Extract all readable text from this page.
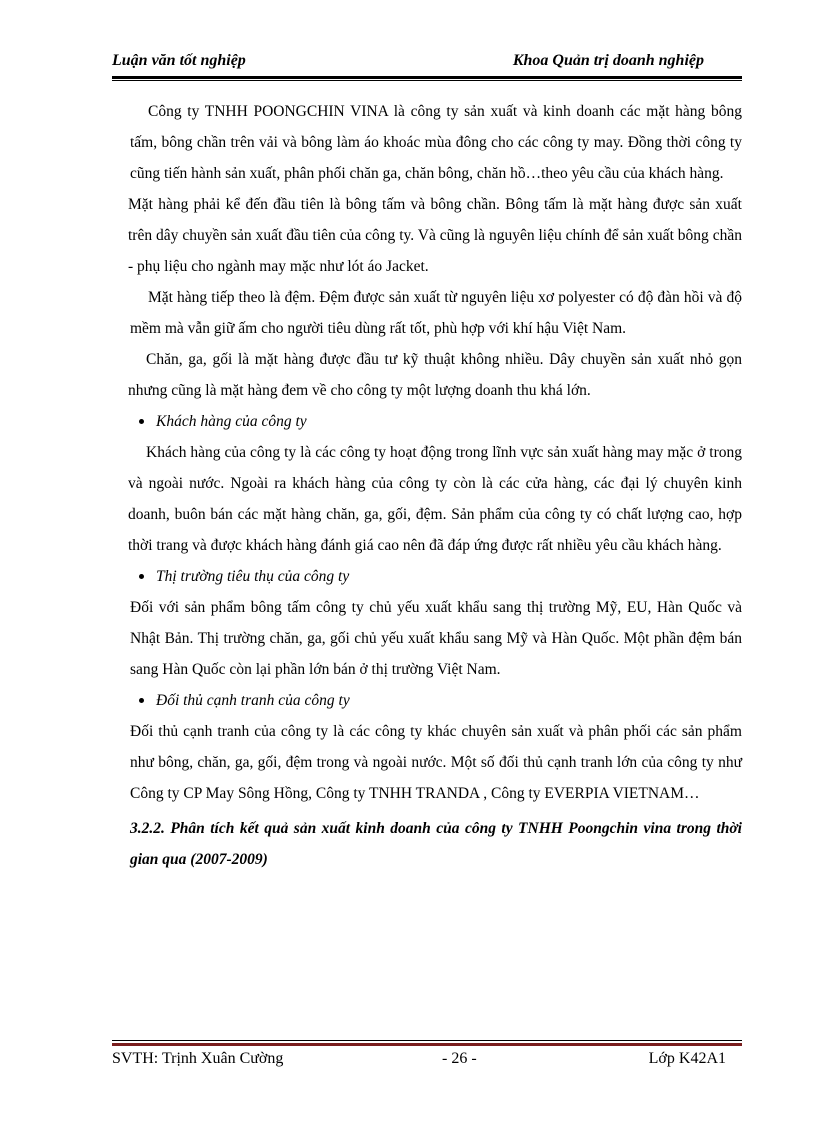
Luận văn tốt nghiệp	Khoa Quản trị doanh nghiệp

Công ty TNHH POONGCHIN VINA là công ty sản xuất và kinh doanh các mặt hàng bông tấm, bông chần trên vải và bông làm áo khoác mùa đông cho các công ty may. Đồng thời công ty cũng tiến hành sản xuất, phân phối chăn ga, chăn bông, chăn hồ…theo yêu cầu của khách hàng.

Mặt hàng phải kể đến đầu tiên là bông tấm và bông chần. Bông tấm là mặt hàng được sản xuất trên dây chuyền sản xuất đầu tiên của công ty. Và cũng là nguyên liệu chính để sản xuất bông chần - phụ liệu cho ngành may mặc như lót áo Jacket.

Mặt hàng tiếp theo là đệm. Đệm được sản xuất từ nguyên liệu xơ polyester có độ đàn hồi và độ mềm mà vẫn giữ ấm cho người tiêu dùng rất tốt, phù hợp với khí hậu Việt Nam.

Chăn, ga, gối là mặt hàng được đầu tư kỹ thuật không nhiều. Dây chuyền sản xuất nhỏ gọn nhưng cũng là mặt hàng đem về cho công ty một lượng doanh thu khá lớn.

Khách hàng của công ty

Khách hàng của công ty là các công ty hoạt động trong lĩnh vực sản xuất hàng may mặc ở trong và ngoài nước. Ngoài ra khách hàng của công ty còn là các cửa hàng, các đại lý chuyên kinh doanh, buôn bán các mặt hàng chăn, ga, gối, đệm. Sản phẩm của công ty có chất lượng cao, hợp thời trang và được khách hàng đánh giá cao nên đã đáp ứng được rất nhiều yêu cầu khách hàng.

Thị trường tiêu thụ của công ty

Đối với sản phẩm bông tấm công ty chủ yếu xuất khẩu sang thị trường Mỹ, EU, Hàn Quốc và Nhật Bản. Thị trường chăn, ga, gối chủ yếu xuất khẩu sang Mỹ và Hàn Quốc. Một phần đệm bán sang Hàn Quốc còn lại phần lớn bán ở thị trường Việt Nam.

Đối thủ cạnh tranh của công ty

Đối thủ cạnh tranh của công ty là các công ty khác chuyên sản xuất và phân phối các sản phẩm như bông, chăn, ga, gối, đệm trong và ngoài nước. Một số đối thủ cạnh tranh lớn của công ty như Công ty CP May Sông Hồng, Công ty TNHH TRANDA , Công ty EVERPIA VIETNAM…

3.2.2. Phân tích kết quả sản xuất kinh doanh của công ty TNHH Poongchin vina trong thời gian qua (2007-2009)

SVTH: Trịnh Xuân Cường	- 26 -	Lớp K42A1
